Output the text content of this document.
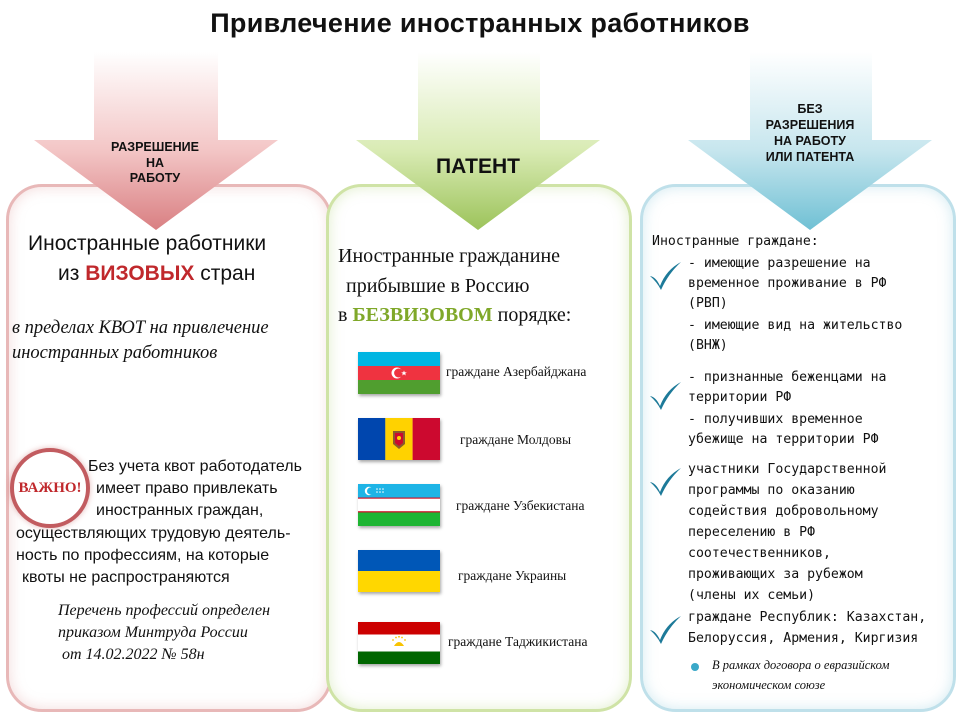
Привлечение иностранных работников
РАЗРЕШЕНИЕ
НА
РАБОТУ
ПАТЕНТ
БЕЗ
РАЗРЕШЕНИЯ
НА РАБОТУ
ИЛИ ПАТЕНТА
Иностранные работники
из ВИЗОВЫХ стран
в пределах КВОТ на привлечение
иностранных работников
ВАЖНО!
Без учета квот работодатель
имеет право привлекать
иностранных граждан,
осуществляющих трудовую деятель-
ность по профессиям, на которые
квоты не распространяются
Перечень профессий определен
приказом Минтруда России
от 14.02.2022 № 58н
Иностранные гражданине
прибывшие в Россию
в БЕЗВИЗОВОМ порядке:
граждане Азербайджана
граждане Молдовы
граждане Узбекистана
граждане Украины
граждане Таджикистана
Иностранные граждане:
- имеющие разрешение на
временное проживание в РФ
(РВП)
- имеющие вид на жительство
(ВНЖ)
- признанные беженцами на
территории РФ
- получивших временное
убежище на территории РФ
участники Государственной
программы по оказанию
содействия добровольному
переселению в РФ
соотечественников,
проживающих за рубежом
(члены их семьи)
граждане Республик: Казахстан,
Белоруссия, Армения, Киргизия
В рамках договора о евразийском
экономическом союзе
